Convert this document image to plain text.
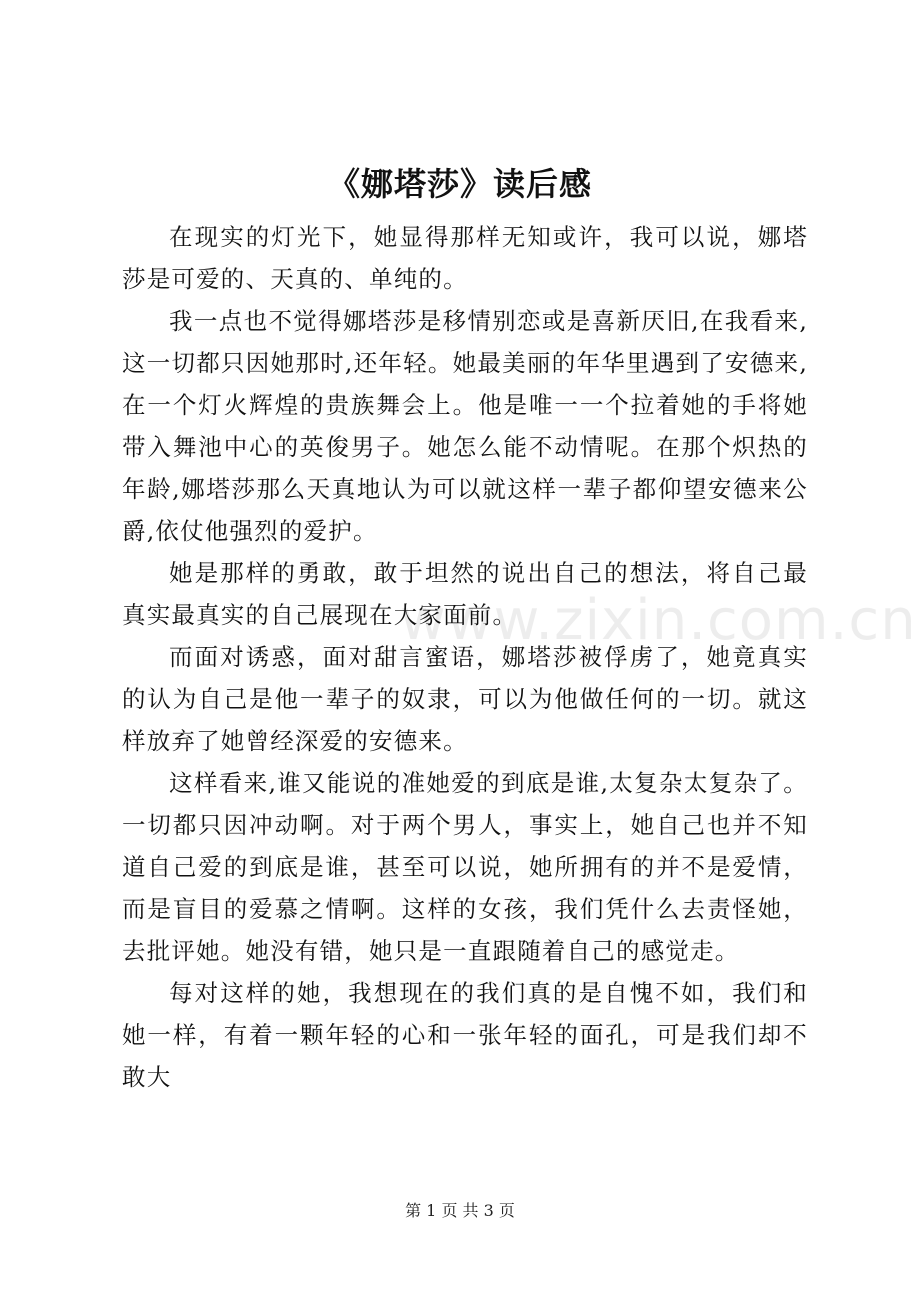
《娜塔莎》读后感

在现实的灯光下，她显得那样无知或许，我可以说，娜塔莎是可爱的、天真的、单纯的。

我一点也不觉得娜塔莎是移情别恋或是喜新厌旧,在我看来,这一切都只因她那时,还年轻。她最美丽的年华里遇到了安德来,在一个灯火辉煌的贵族舞会上。他是唯一一个拉着她的手将她带入舞池中心的英俊男子。她怎么能不动情呢。在那个炽热的年龄,娜塔莎那么天真地认为可以就这样一辈子都仰望安德来公爵,依仗他强烈的爱护。

她是那样的勇敢，敢于坦然的说出自己的想法，将自己最真实最真实的自己展现在大家面前。

而面对诱惑，面对甜言蜜语，娜塔莎被俘虏了，她竟真实的认为自己是他一辈子的奴隶，可以为他做任何的一切。就这样放弃了她曾经深爱的安德来。

这样看来,谁又能说的准她爱的到底是谁,太复杂太复杂了。一切都只因冲动啊。对于两个男人，事实上，她自己也并不知道自己爱的到底是谁，甚至可以说，她所拥有的并不是爱情，而是盲目的爱慕之情啊。这样的女孩，我们凭什么去责怪她，去批评她。她没有错，她只是一直跟随着自己的感觉走。

每对这样的她，我想现在的我们真的是自愧不如，我们和她一样，有着一颗年轻的心和一张年轻的面孔，可是我们却不敢大

www.zixin.com.cn
第 1 页 共 3 页
